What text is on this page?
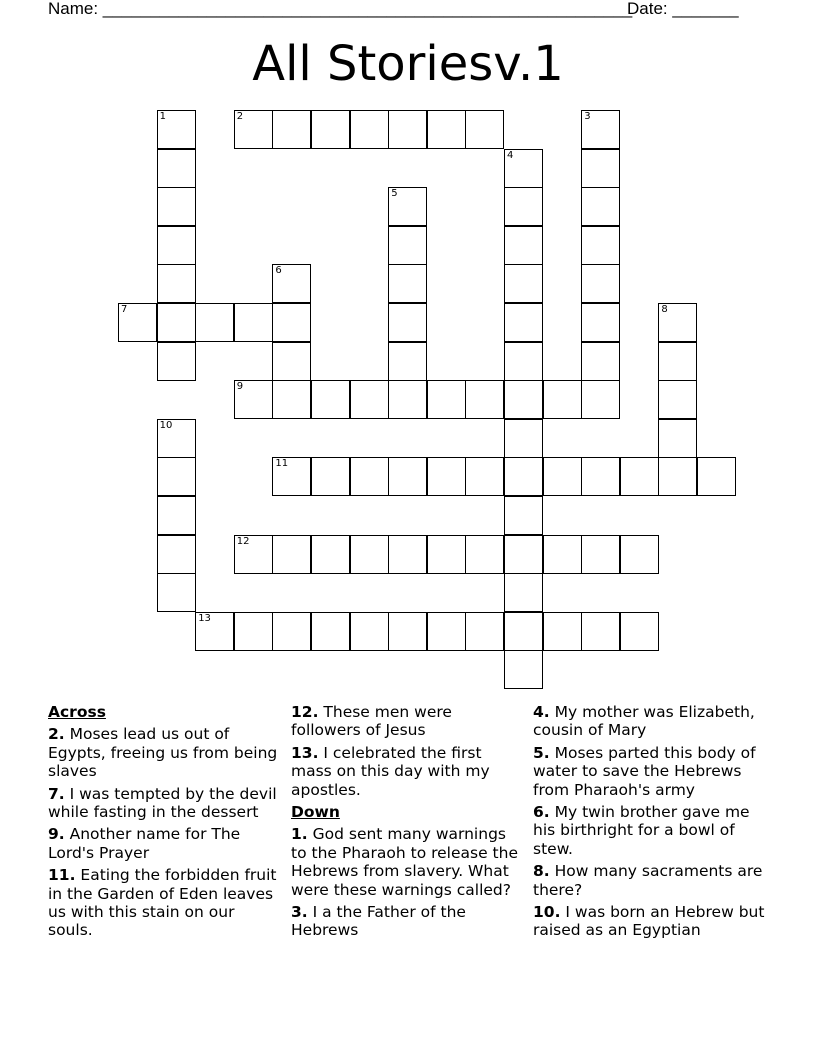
Name: ________________________________________________________
Date: _______
All Storiesv.1
1	2	3
4
5
6
7	8
9
10
11
12
13
Across
2. Moses lead us out of Egypts, freeing us from being slaves
7. I was tempted by the devil while fasting in the dessert
9. Another name for The Lord's Prayer
11. Eating the forbidden fruit in the Garden of Eden leaves us with this stain on our souls.
12. These men were followers of Jesus
13. I celebrated the first mass on this day with my apostles.
Down
1. God sent many warnings to the Pharaoh to release the Hebrews from slavery. What were these warnings called?
3. I a the Father of the Hebrews
4. My mother was Elizabeth, cousin of Mary
5. Moses parted this body of water to save the Hebrews from Pharaoh's army
6. My twin brother gave me his birthright for a bowl of stew.
8. How many sacraments are there?
10. I was born an Hebrew but raised as an Egyptian
